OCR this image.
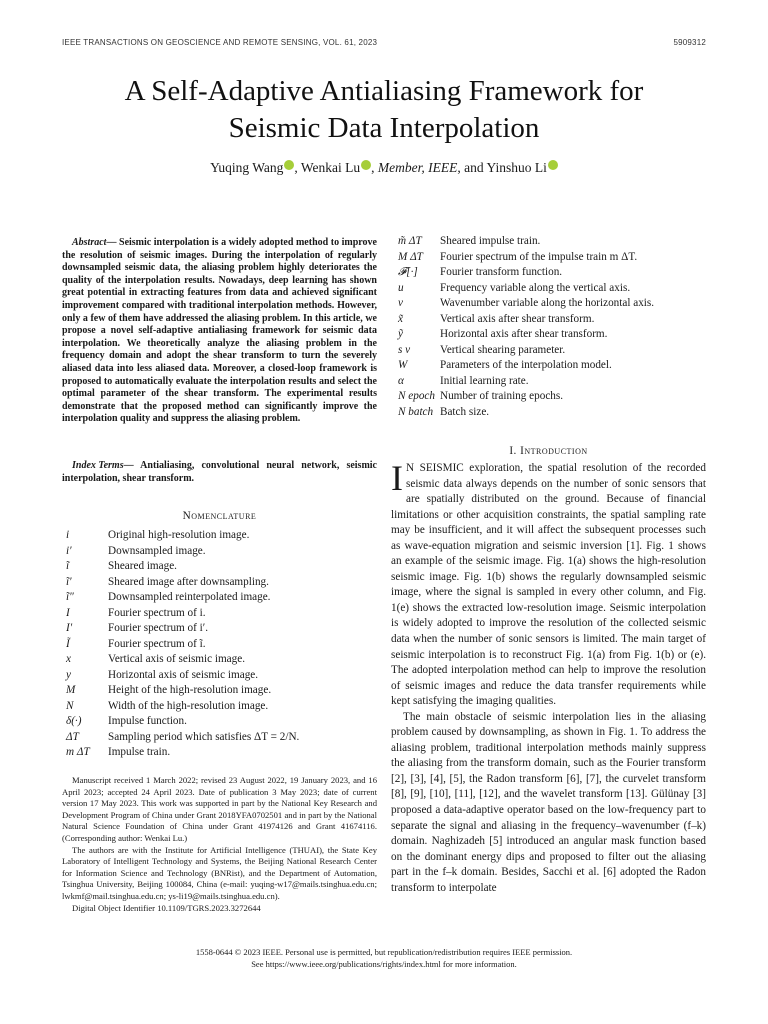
IEEE TRANSACTIONS ON GEOSCIENCE AND REMOTE SENSING, VOL. 61, 2023	5909312
A Self-Adaptive Antialiasing Framework for
Seismic Data Interpolation
Yuqing Wang , Wenkai Lu , Member, IEEE, and Yinshuo Li
Abstract— Seismic interpolation is a widely adopted method to improve the resolution of seismic images. During the interpolation of regularly downsampled seismic data, the aliasing problem highly deteriorates the quality of the interpolation results. Nowadays, deep learning has shown great potential in extracting features from data and achieved significant improvement compared with traditional interpolation methods. However, only a few of them have addressed the aliasing problem. In this article, we propose a novel self-adaptive antialiasing framework for seismic data interpolation. We theoretically analyze the aliasing problem in the frequency domain and adopt the shear transform to turn the severely aliased data into less aliased data. Moreover, a closed-loop framework is proposed to automatically evaluate the interpolation results and select the optimal parameter of the shear transform. The experimental results demonstrate that the proposed method can significantly improve the interpolation quality and suppress the aliasing problem.
Index Terms— Antialiasing, convolutional neural network, seismic interpolation, shear transform.
Nomenclature
i	Original high-resolution image.
i′	Downsampled image.
ĩ	Sheared image.
ĩ′	Sheared image after downsampling.
ĩ″	Downsampled reinterpolated image.
I	Fourier spectrum of i.
I′	Fourier spectrum of i′.
Ĩ	Fourier spectrum of ĩ.
x	Vertical axis of seismic image.
y	Horizontal axis of seismic image.
M	Height of the high-resolution image.
N	Width of the high-resolution image.
δ(·)	Impulse function.
ΔT	Sampling period which satisfies ΔT = 2/N.
m ΔT	Impulse train.
m̃ ΔT	Sheared impulse train.
M ΔT	Fourier spectrum of the impulse train m ΔT.
𝓕[·]	Fourier transform function.
u	Frequency variable along the vertical axis.
v	Wavenumber variable along the horizontal axis.
x̃	Vertical axis after shear transform.
ỹ	Horizontal axis after shear transform.
s v	Vertical shearing parameter.
W	Parameters of the interpolation model.
α	Initial learning rate.
N epoch Number of training epochs.
N batch Batch size.

Manuscript received 1 March 2022; revised 23 August 2022, 19 January 2023, and 16 April 2023; accepted 24 April 2023. Date of publication 3 May 2023; date of current version 17 May 2023. This work was supported in part by the National Key Research and Development Program of China under Grant 2018YFA0702501 and in part by the National Natural Science Foundation of China under Grant 41974126 and Grant 41674116. (Corresponding author: Wenkai Lu.)

The authors are with the Institute for Artificial Intelligence (THUAI), the State Key Laboratory of Intelligent Technology and Systems, the Beijing National Research Center for Information Science and Technology (BNRist), and the Department of Automation, Tsinghua University, Beijing 100084, China (e-mail: yuqing-w17@mails.tsinghua.edu.cn; lwkmf@mail.tsinghua.edu.cn; ys-li19@mails.tsinghua.edu.cn).

Digital Object Identifier 10.1109/TGRS.2023.3272644

I. Introduction

I N SEISMIC exploration, the spatial resolution of the recorded seismic data always depends on the number of sonic sensors that are spatially distributed on the ground. Because of financial limitations or other acquisition constraints, the spatial sampling rate may be insufficient, and it will affect the subsequent processes such as wave-equation migration and seismic inversion [1]. Fig. 1 shows an example of the seismic image. Fig. 1(a) shows the high-resolution seismic image. Fig. 1(b) shows the regularly downsampled seismic image, where the signal is sampled in every other column, and Fig. 1(e) shows the extracted low-resolution image. Seismic interpolation is widely adopted to improve the resolution of the collected seismic data when the number of sonic sensors is limited. The main target of seismic interpolation is to reconstruct Fig. 1(a) from Fig. 1(b) or (e). The adopted interpolation method can help to improve the resolution of seismic images and reduce the data transfer requirements while kept satisfying the imaging qualities.

The main obstacle of seismic interpolation lies in the aliasing problem caused by downsampling, as shown in Fig. 1. To address the aliasing problem, traditional interpolation methods mainly suppress the aliasing from the transform domain, such as the Fourier transform [2], [3], [4], [5], the Radon transform [6], [7], the curvelet transform [8], [9], [10], [11], [12], and the wavelet transform [13]. Gülünay [3] proposed a data-adaptive operator based on the low-frequency part to separate the signal and aliasing in the frequency–wavenumber (f–k) domain. Naghizadeh [5] introduced an angular mask function based on the dominant energy dips and proposed to filter out the aliasing part in the f–k domain. Besides, Sacchi et al. [6] adopted the Radon transform to interpolate

1558-0644 © 2023 IEEE. Personal use is permitted, but republication/redistribution requires IEEE permission.
See https://www.ieee.org/publications/rights/index.html for more information.
